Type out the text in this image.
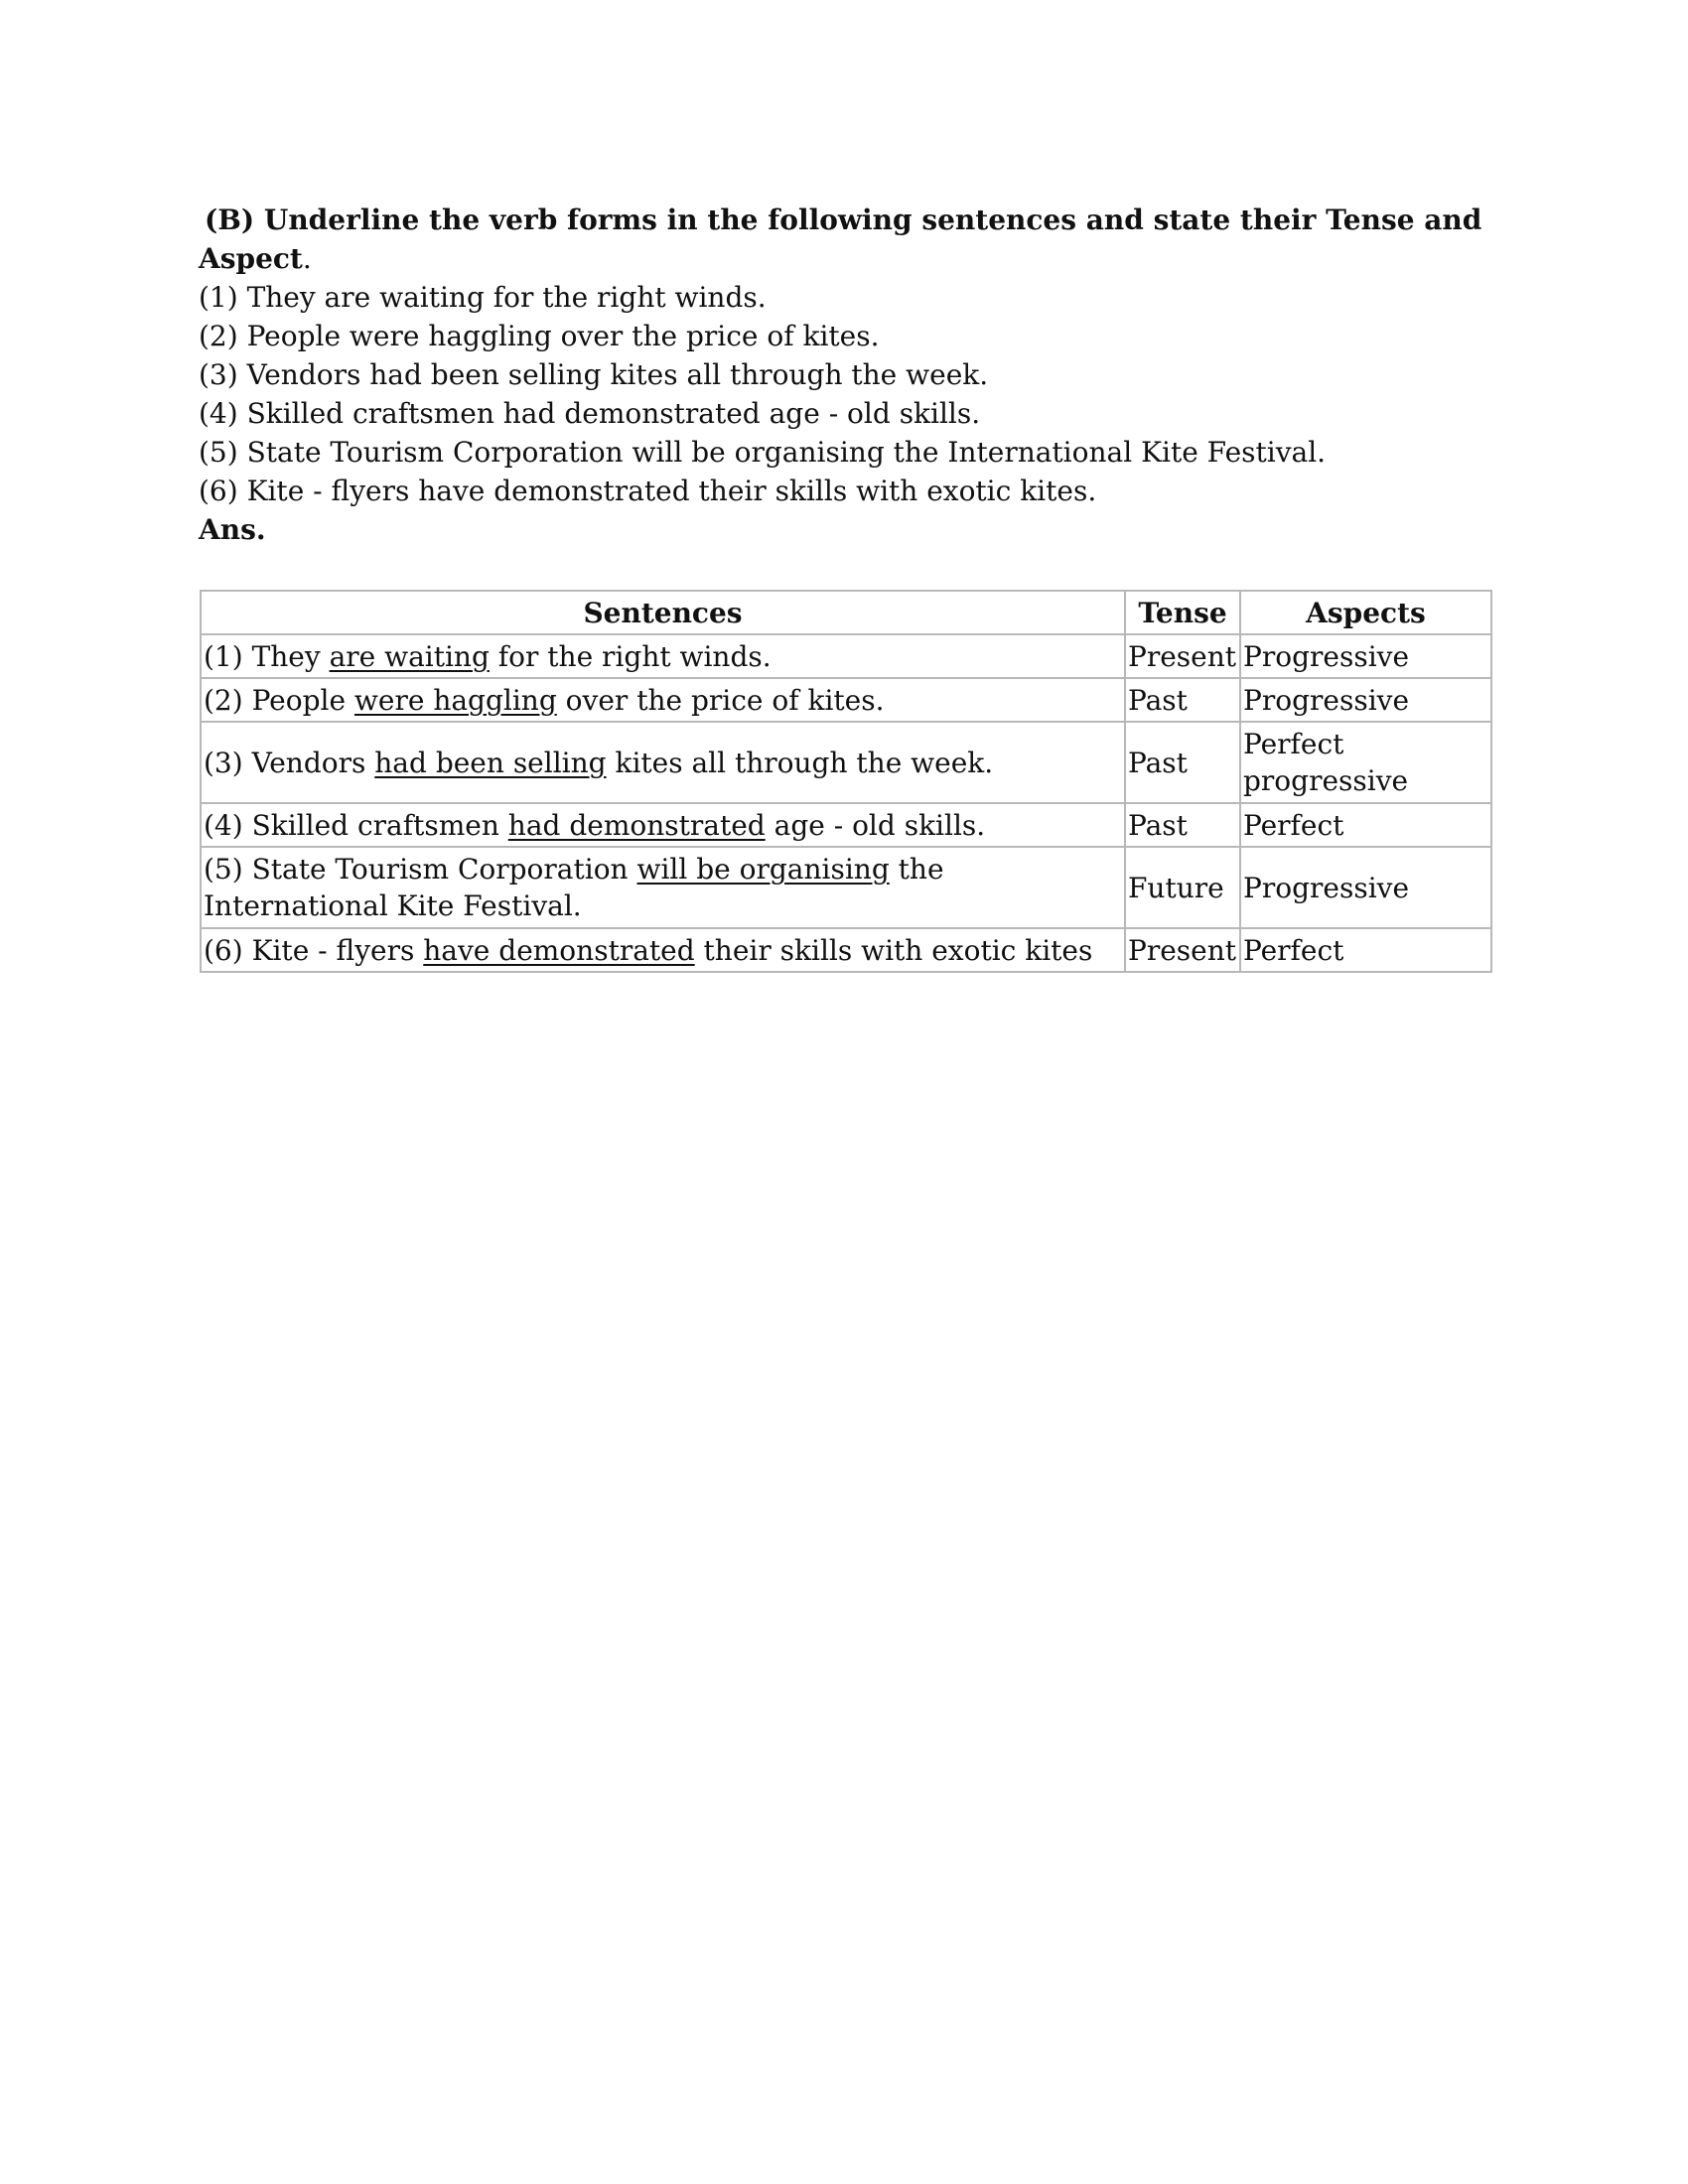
(B) Underline the verb forms in the following sentences and state their Tense and
Aspect.

(1) They are waiting for the right winds.

(2) People were haggling over the price of kites.

(3) Vendors had been selling kites all through the week.

(4) Skilled craftsmen had demonstrated age - old skills.

(5) State Tourism Corporation will be organising the International Kite Festival.

(6) Kite - flyers have demonstrated their skills with exotic kites.

Ans.

Sentences	Tense	Aspects
(1) They are waiting for the right winds.	Present	Progressive
(2) People were haggling over the price of kites.	Past	Progressive
(3) Vendors had been selling kites all through the week.	Past	Perfect progressive
(4) Skilled craftsmen had demonstrated age - old skills.	Past	Perfect
(5) State Tourism Corporation will be organising the International Kite Festival.	Future	Progressive
(6) Kite - flyers have demonstrated their skills with exotic kites	Present	Perfect
